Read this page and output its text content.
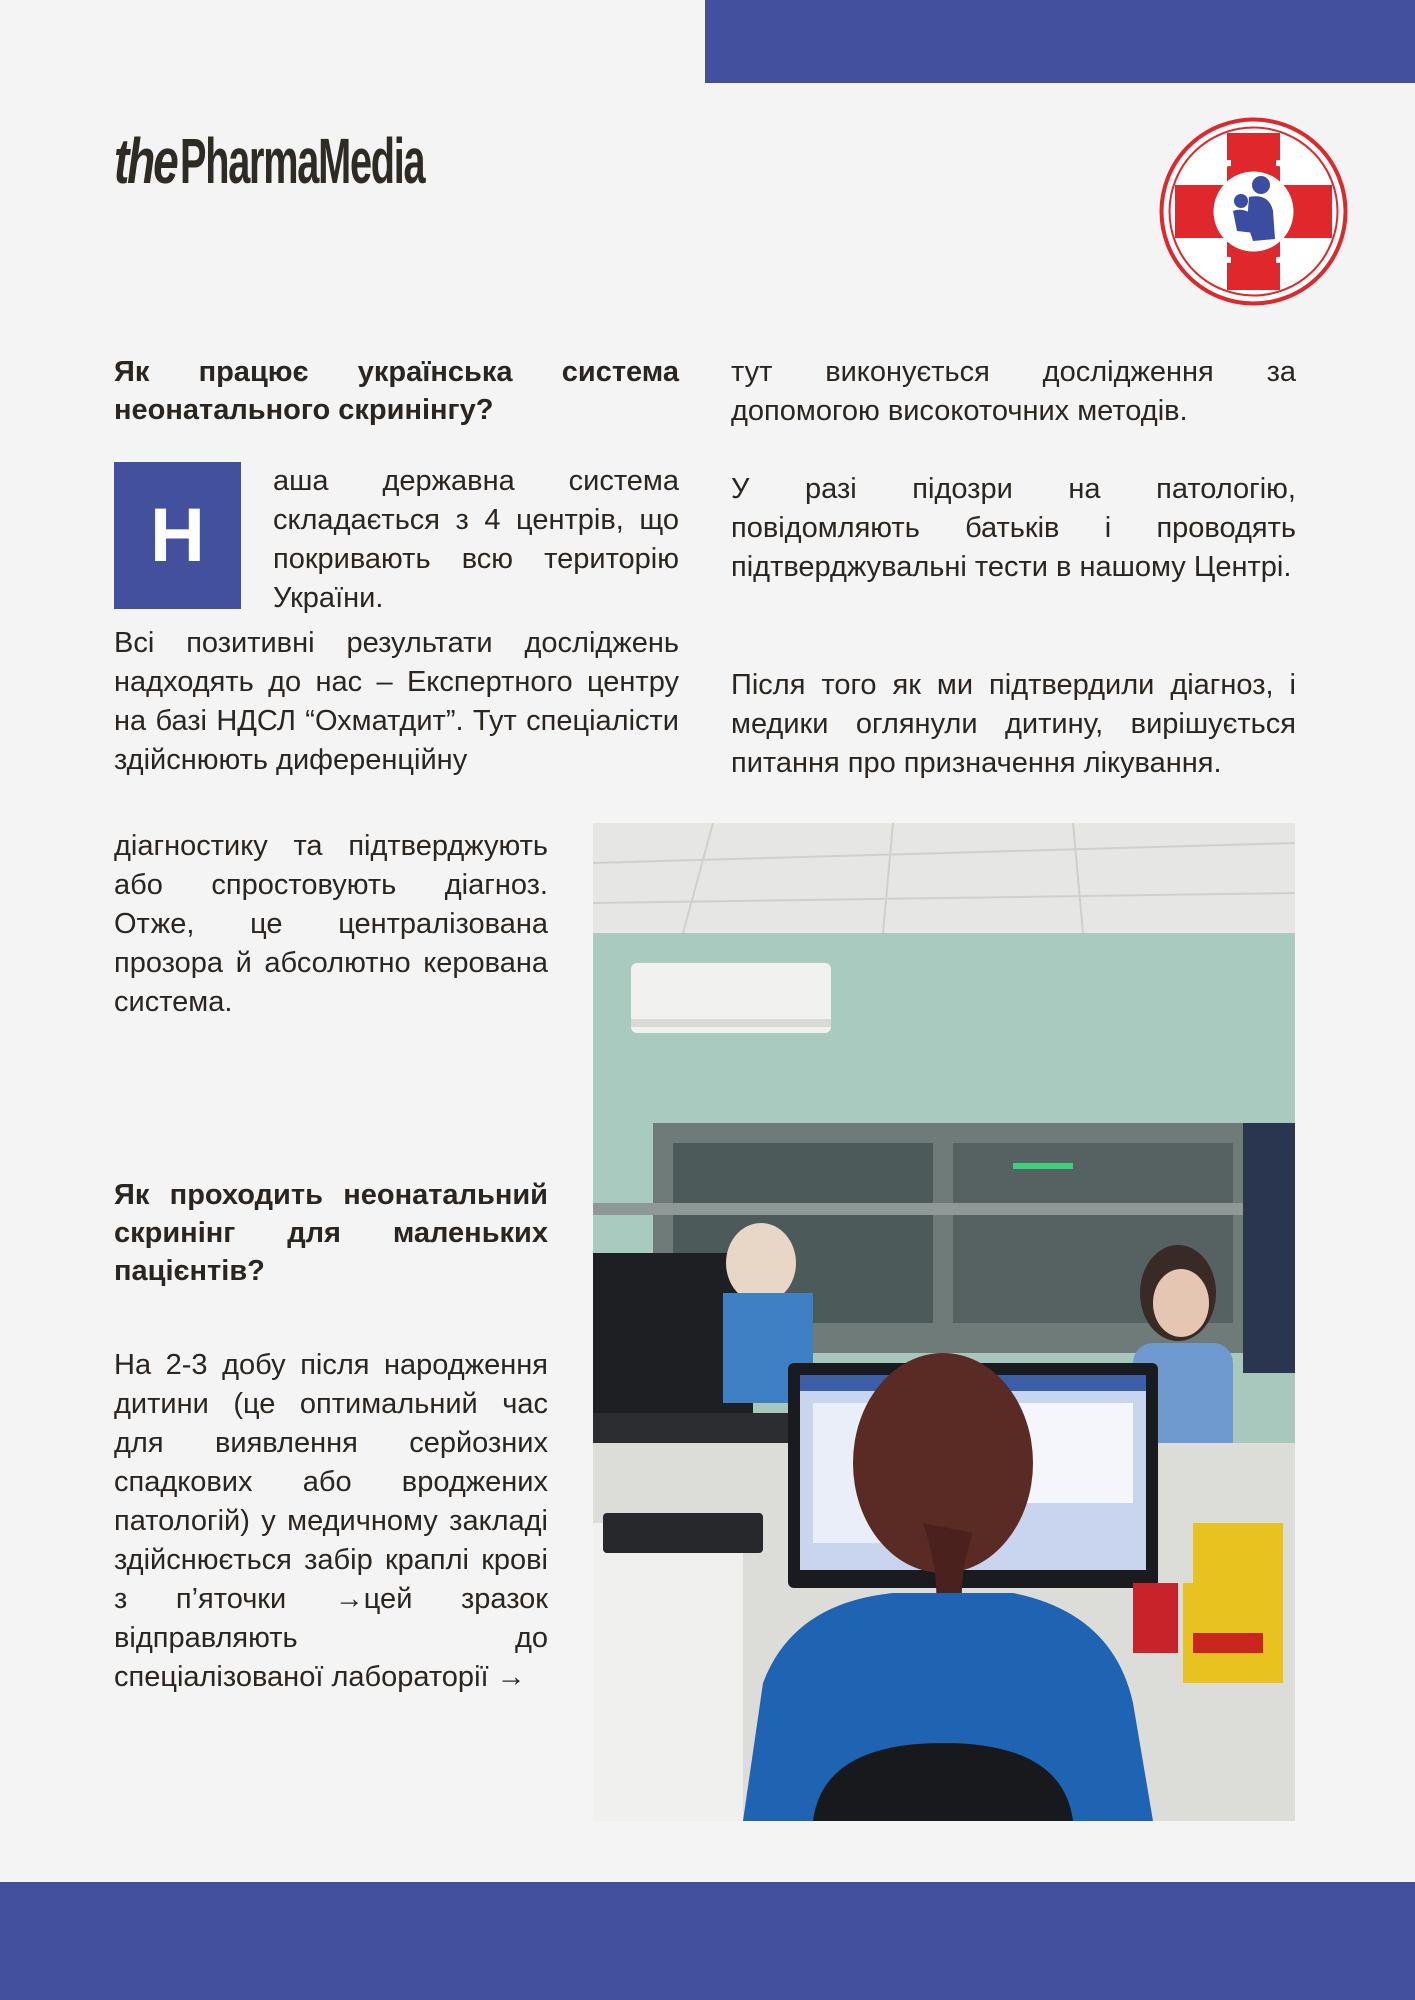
the PharmaMedia
Як працює українська система неонатального скринінгу?
Н
аша державна система складається з 4 центрів, що покривають всю територію України.
Всі позитивні результати досліджень надходять до нас – Експертного центру на базі НДСЛ “Охматдит”. Тут спеціалісти здійснюють диференційну
діагностику та підтверджують або спростовують діагноз. Отже, це централізована прозора й абсолютно керована система.
Як проходить неонатальний скринінг для маленьких пацієнтів?
На 2-3 добу після народження дитини (це оптимальний час для виявлення серйозних спадкових або вроджених патологій) у медичному закладі здійснюється забір краплі крові з п’яточки →цей зразок відправляють до спеціалізованої лабораторії →
тут виконується дослідження за допомогою високоточних методів.
У разі підозри на патологію, повідомляють батьків і проводять підтверджувальні тести в нашому Центрі.
Після того як ми підтвердили діагноз, і медики оглянули дитину, вирішується питання про призначення лікування.
